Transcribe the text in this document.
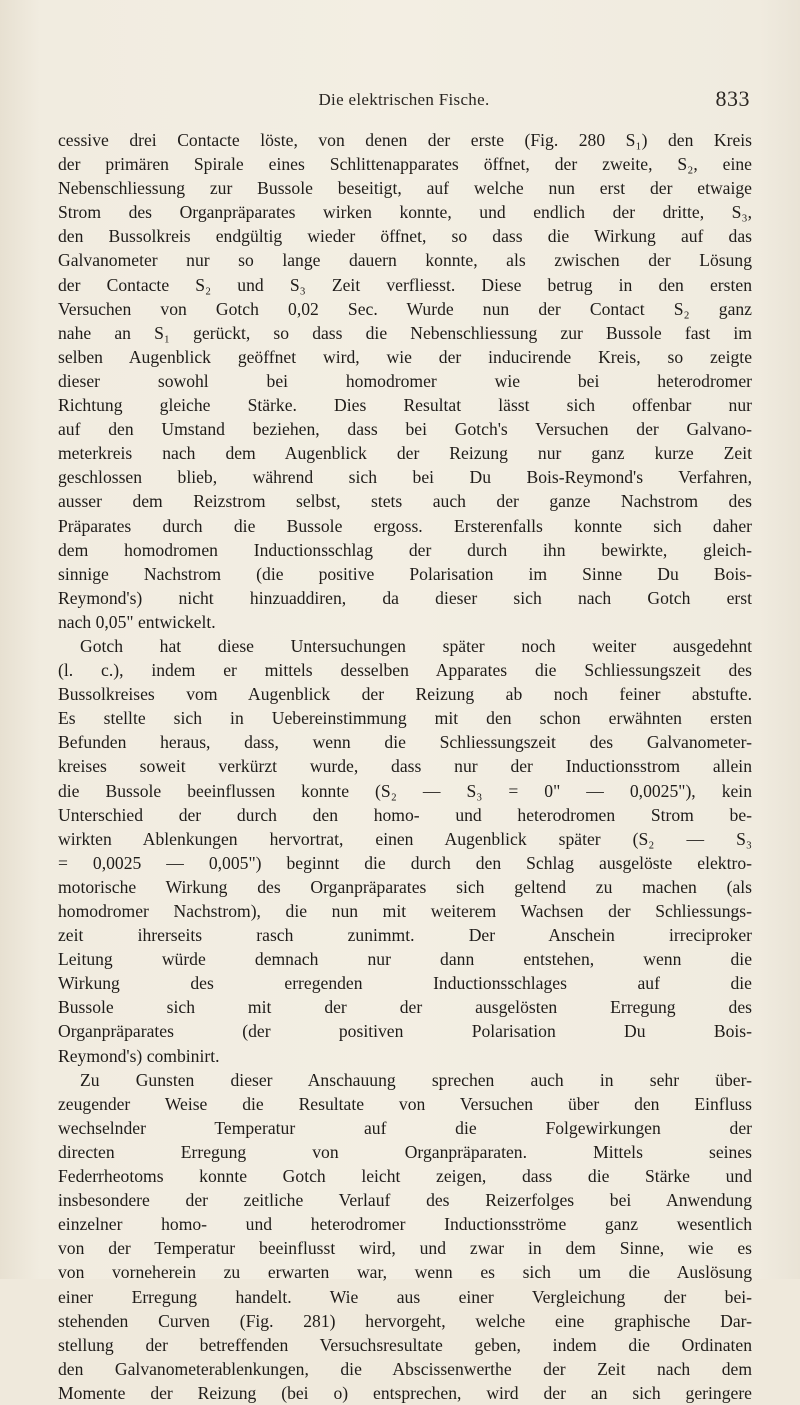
Die elektrischen Fische.	833
cessive drei Contacte löste, von denen der erste (Fig. 280 S₁) den Kreis
der primären Spirale eines Schlittenapparates öffnet, der zweite, S₂, eine
Nebenschliessung zur Bussole beseitigt, auf welche nun erst der etwaige
Strom des Organpräparates wirken konnte, und endlich der dritte, S₃,
den Bussolkreis endgültig wieder öffnet, so dass die Wirkung auf das
Galvanometer nur so lange dauern konnte, als zwischen der Lösung
der Contacte S₂ und S₃ Zeit verfliesst. Diese betrug in den ersten
Versuchen von Gotch 0,02 Sec. Wurde nun der Contact S₂ ganz
nahe an S₁ gerückt, so dass die Nebenschliessung zur Bussole fast im
selben Augenblick geöffnet wird, wie der inducirende Kreis, so zeigte
dieser sowohl bei homodromer wie bei heterodromer
Richtung gleiche Stärke. Dies Resultat lässt sich offenbar nur
auf den Umstand beziehen, dass bei Gotch's Versuchen der Galvano-
meterkreis nach dem Augenblick der Reizung nur ganz kurze Zeit
geschlossen blieb, während sich bei Du Bois-Reymond's Verfahren,
ausser dem Reizstrom selbst, stets auch der ganze Nachstrom des
Präparates durch die Bussole ergoss. Ersterenfalls konnte sich daher
dem homodromen Inductionsschlag der durch ihn bewirkte, gleich-
sinnige Nachstrom (die positive Polarisation im Sinne Du Bois-
Reymond's) nicht hinzuaddiren, da dieser sich nach Gotch erst
nach 0,05" entwickelt.
Gotch hat diese Untersuchungen später noch weiter ausgedehnt
(l. c.), indem er mittels desselben Apparates die Schliessungszeit des
Bussolkreises vom Augenblick der Reizung ab noch feiner abstufte.
Es stellte sich in Uebereinstimmung mit den schon erwähnten ersten
Befunden heraus, dass, wenn die Schliessungszeit des Galvanometer-
kreises soweit verkürzt wurde, dass nur der Inductionsstrom allein
die Bussole beeinflussen konnte (S₂ — S₃ = 0" — 0,0025"), kein
Unterschied der durch den homo- und heterodromen Strom be-
wirkten Ablenkungen hervortrat, einen Augenblick später (S₂ — S₃
= 0,0025 — 0,005") beginnt die durch den Schlag ausgelöste elektro-
motorische Wirkung des Organpräparates sich geltend zu machen (als
homodromer Nachstrom), die nun mit weiterem Wachsen der Schliessungs-
zeit ihrerseits rasch zunimmt. Der Anschein irreciproker
Leitung würde demnach nur dann entstehen, wenn die
Wirkung des erregenden Inductionsschlages auf die
Bussole sich mit der der ausgelösten Erregung des
Organpräparates (der positiven Polarisation Du Bois-
Reymond's) combinirt.
Zu Gunsten dieser Anschauung sprechen auch in sehr über-
zeugender Weise die Resultate von Versuchen über den Einfluss
wechselnder Temperatur auf die Folgewirkungen der
directen Erregung von Organpräparaten. Mittels seines
Federrheotoms konnte Gotch leicht zeigen, dass die Stärke und
insbesondere der zeitliche Verlauf des Reizerfolges bei Anwendung
einzelner homo- und heterodromer Inductionsströme ganz wesentlich
von der Temperatur beeinflusst wird, und zwar in dem Sinne, wie es
von vorneherein zu erwarten war, wenn es sich um die Auslösung
einer Erregung handelt. Wie aus einer Vergleichung der bei-
stehenden Curven (Fig. 281) hervorgeht, welche eine graphische Dar-
stellung der betreffenden Versuchsresultate geben, indem die Ordinaten
den Galvanometerablenkungen, die Abscissenwerthe der Zeit nach dem
Momente der Reizung (bei o) entsprechen, wird der an sich geringere
